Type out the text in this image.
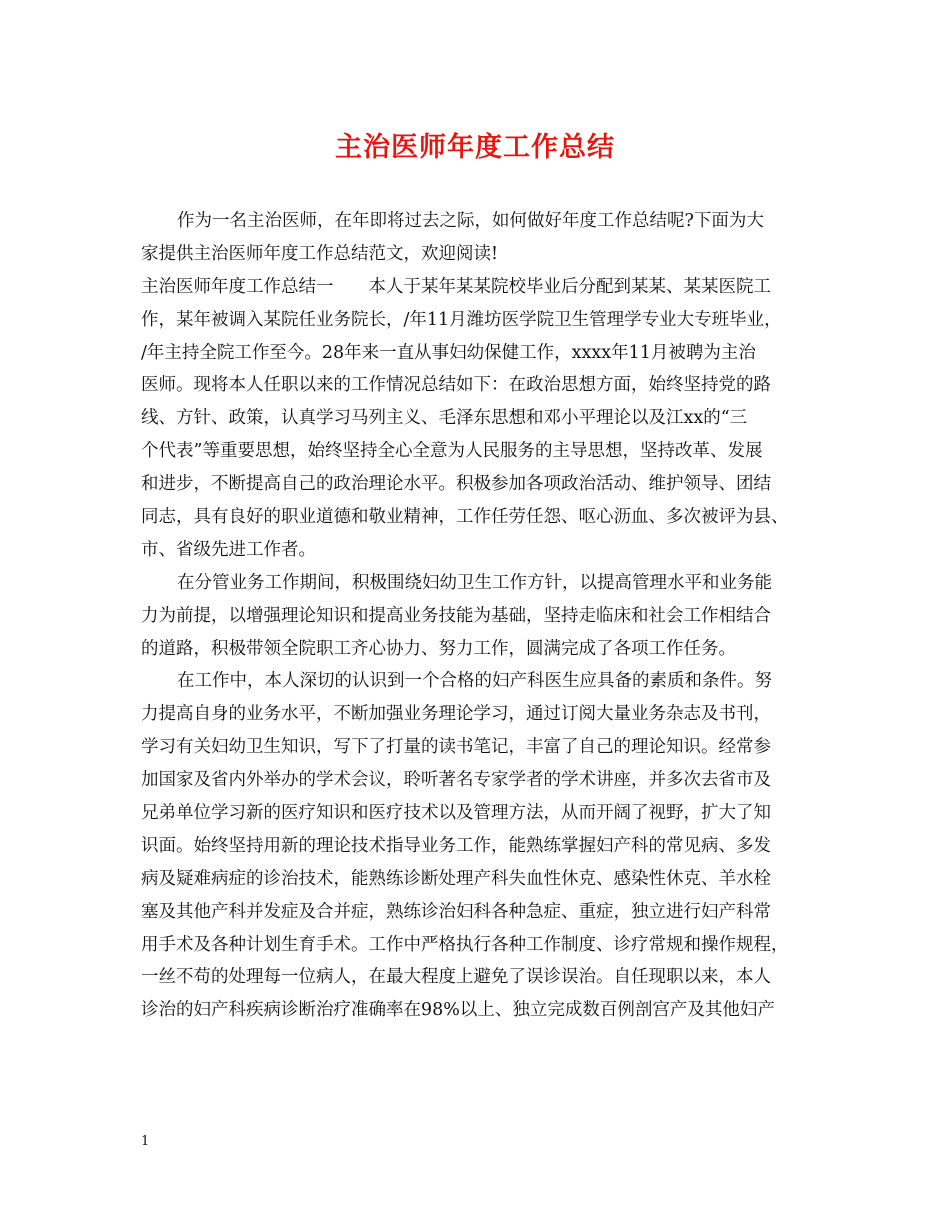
主治医师年度工作总结
作为一名主治医师，在年即将过去之际，如何做好年度工作总结呢?下面为大
家提供主治医师年度工作总结范文，欢迎阅读!
主治医师年度工作总结一　　本人于某年某某院校毕业后分配到某某、某某医院工
作，某年被调入某院任业务院长，/年11月潍坊医学院卫生管理学专业大专班毕业，
/年主持全院工作至今。28年来一直从事妇幼保健工作，xxxx年11月被聘为主治
医师。现将本人任职以来的工作情况总结如下：在政治思想方面，始终坚持党的路
线、方针、政策，认真学习马列主义、毛泽东思想和邓小平理论以及江xx的“三
个代表”等重要思想，始终坚持全心全意为人民服务的主导思想，坚持改革、发展
和进步，不断提高自己的政治理论水平。积极参加各项政治活动、维护领导、团结
同志，具有良好的职业道德和敬业精神，工作任劳任怨、呕心沥血、多次被评为县、
市、省级先进工作者。
在分管业务工作期间，积极围绕妇幼卫生工作方针，以提高管理水平和业务能
力为前提，以增强理论知识和提高业务技能为基础，坚持走临床和社会工作相结合
的道路，积极带领全院职工齐心协力、努力工作，圆满完成了各项工作任务。
在工作中，本人深切的认识到一个合格的妇产科医生应具备的素质和条件。努
力提高自身的业务水平，不断加强业务理论学习，通过订阅大量业务杂志及书刊，
学习有关妇幼卫生知识，写下了打量的读书笔记，丰富了自己的理论知识。经常参
加国家及省内外举办的学术会议，聆听著名专家学者的学术讲座，并多次去省市及
兄弟单位学习新的医疗知识和医疗技术以及管理方法，从而开阔了视野，扩大了知
识面。始终坚持用新的理论技术指导业务工作，能熟练掌握妇产科的常见病、多发
病及疑难病症的诊治技术，能熟练诊断处理产科失血性休克、感染性休克、羊水栓
塞及其他产科并发症及合并症，熟练诊治妇科各种急症、重症，独立进行妇产科常
用手术及各种计划生育手术。工作中严格执行各种工作制度、诊疗常规和操作规程，
一丝不苟的处理每一位病人，在最大程度上避免了误诊误治。自任现职以来，本人
诊治的妇产科疾病诊断治疗准确率在98%以上、独立完成数百例剖宫产及其他妇产
1
